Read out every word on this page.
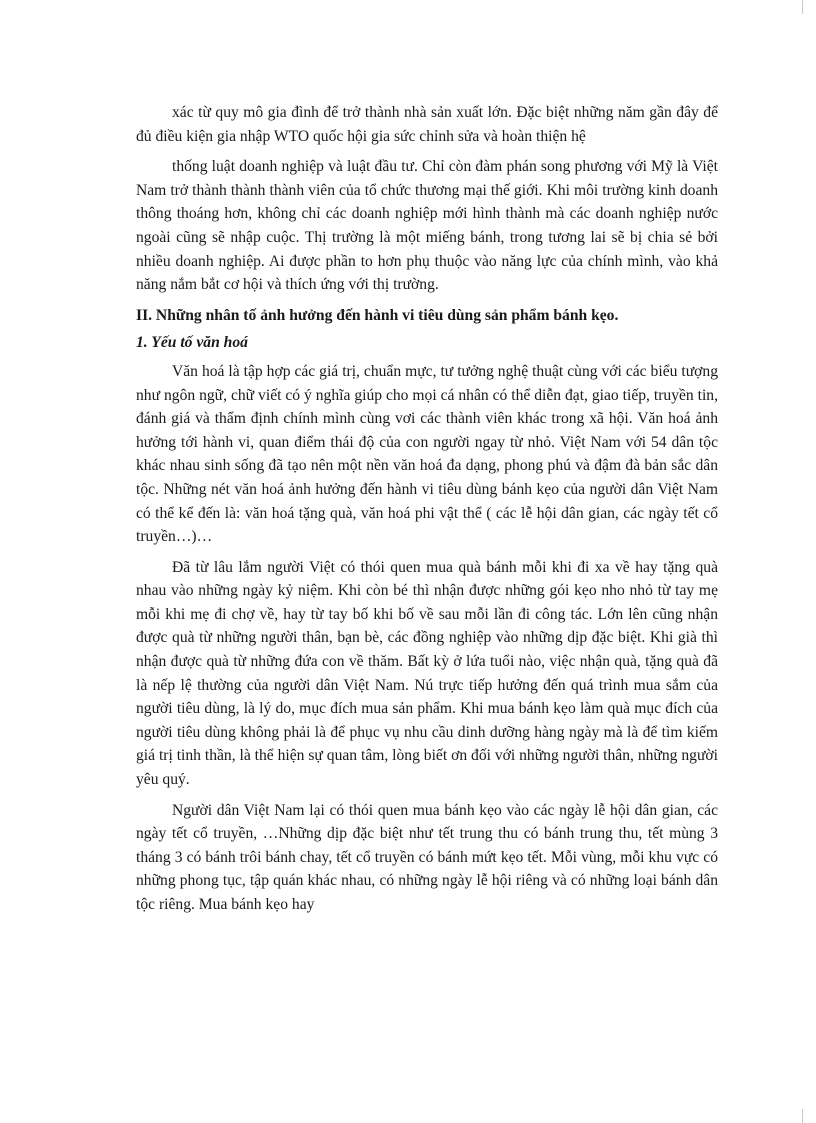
xác từ quy mô gia đình để trở thành nhà sản xuất lớn. Đặc biệt những năm gần đây để đủ điều kiện gia nhập WTO quốc hội gia sức chỉnh sửa và hoàn thiện hệ

thống luật doanh nghiệp và luật đầu tư. Chỉ còn đàm phán song phương với Mỹ là Việt Nam trở thành thành thành viên của tổ chức thương mại thế giới. Khi môi trường kinh doanh thông thoáng hơn, không chỉ các doanh nghiệp mới hình thành mà các doanh nghiệp nước ngoài cũng sẽ nhập cuộc. Thị trường là một miếng bánh, trong tương lai sẽ bị chia sẻ bởi nhiều doanh nghiệp. Ai được phần to hơn phụ thuộc vào năng lực của chính mình, vào khả năng nắm bắt cơ hội và thích ứng với thị trường.

II. Những nhân tố ảnh hưởng đến hành vi tiêu dùng sản phẩm bánh kẹo.
1. Yếu tố văn hoá

Văn hoá là tập hợp các giá trị, chuẩn mực, tư tưởng nghệ thuật cùng với các biểu tượng như ngôn ngữ, chữ viết có ý nghĩa giúp cho mọi cá nhân có thể diễn đạt, giao tiếp, truyền tin, đánh giá và thẩm định chính mình cùng vơi các thành viên khác trong xã hội. Văn hoá ảnh hưởng tới hành vi, quan điểm thái độ của con người ngay từ nhỏ. Việt Nam với 54 dân tộc khác nhau sinh sống đã tạo nên một nền văn hoá đa dạng, phong phú và đậm đà bản sắc dân tộc. Những nét văn hoá ảnh hưởng đến hành vi tiêu dùng bánh kẹo của người dân Việt Nam có thể kể đến là: văn hoá tặng quà, văn hoá phi vật thể ( các lễ hội dân gian, các ngày tết cổ truyền…)…

Đã từ lâu lắm người Việt có thói quen mua quà bánh mỗi khi đi xa về hay tặng quà nhau vào những ngày kỷ niệm. Khi còn bé thì nhận được những gói kẹo nho nhỏ từ tay mẹ mỗi khi mẹ đi chợ về, hay từ tay bố khi bố về sau mỗi lần đi công tác. Lớn lên cũng nhận được quà từ những người thân, bạn bè, các đồng nghiệp vào những dịp đặc biệt. Khi già thì nhận được quà từ những đứa con về thăm. Bất kỳ ở lứa tuổi nào, việc nhận quà, tặng quà đã là nếp lệ thường của người dân Việt Nam. Nú trực tiếp hưởng đến quá trình mua sắm của người tiêu dùng, là lý do, mục đích mua sản phẩm. Khi mua bánh kẹo làm quà mục đích của người tiêu dùng không phải là để phục vụ nhu cầu dinh dưỡng hàng ngày mà là để tìm kiếm giá trị tinh thần, là thể hiện sự quan tâm, lòng biết ơn đối với những người thân, những người yêu quý.

Người dân Việt Nam lại có thói quen mua bánh kẹo vào các ngày lễ hội dân gian, các ngày tết cổ truyền, …Những dịp đặc biệt như tết trung thu có bánh trung thu, tết mùng 3 tháng 3 có bánh trôi bánh chay, tết cổ truyền có bánh mứt kẹo tết. Mỗi vùng, mỗi khu vực có những phong tục, tập quán khác nhau, có những ngày lễ hội riêng và có những loại bánh dân tộc riêng. Mua bánh kẹo hay
